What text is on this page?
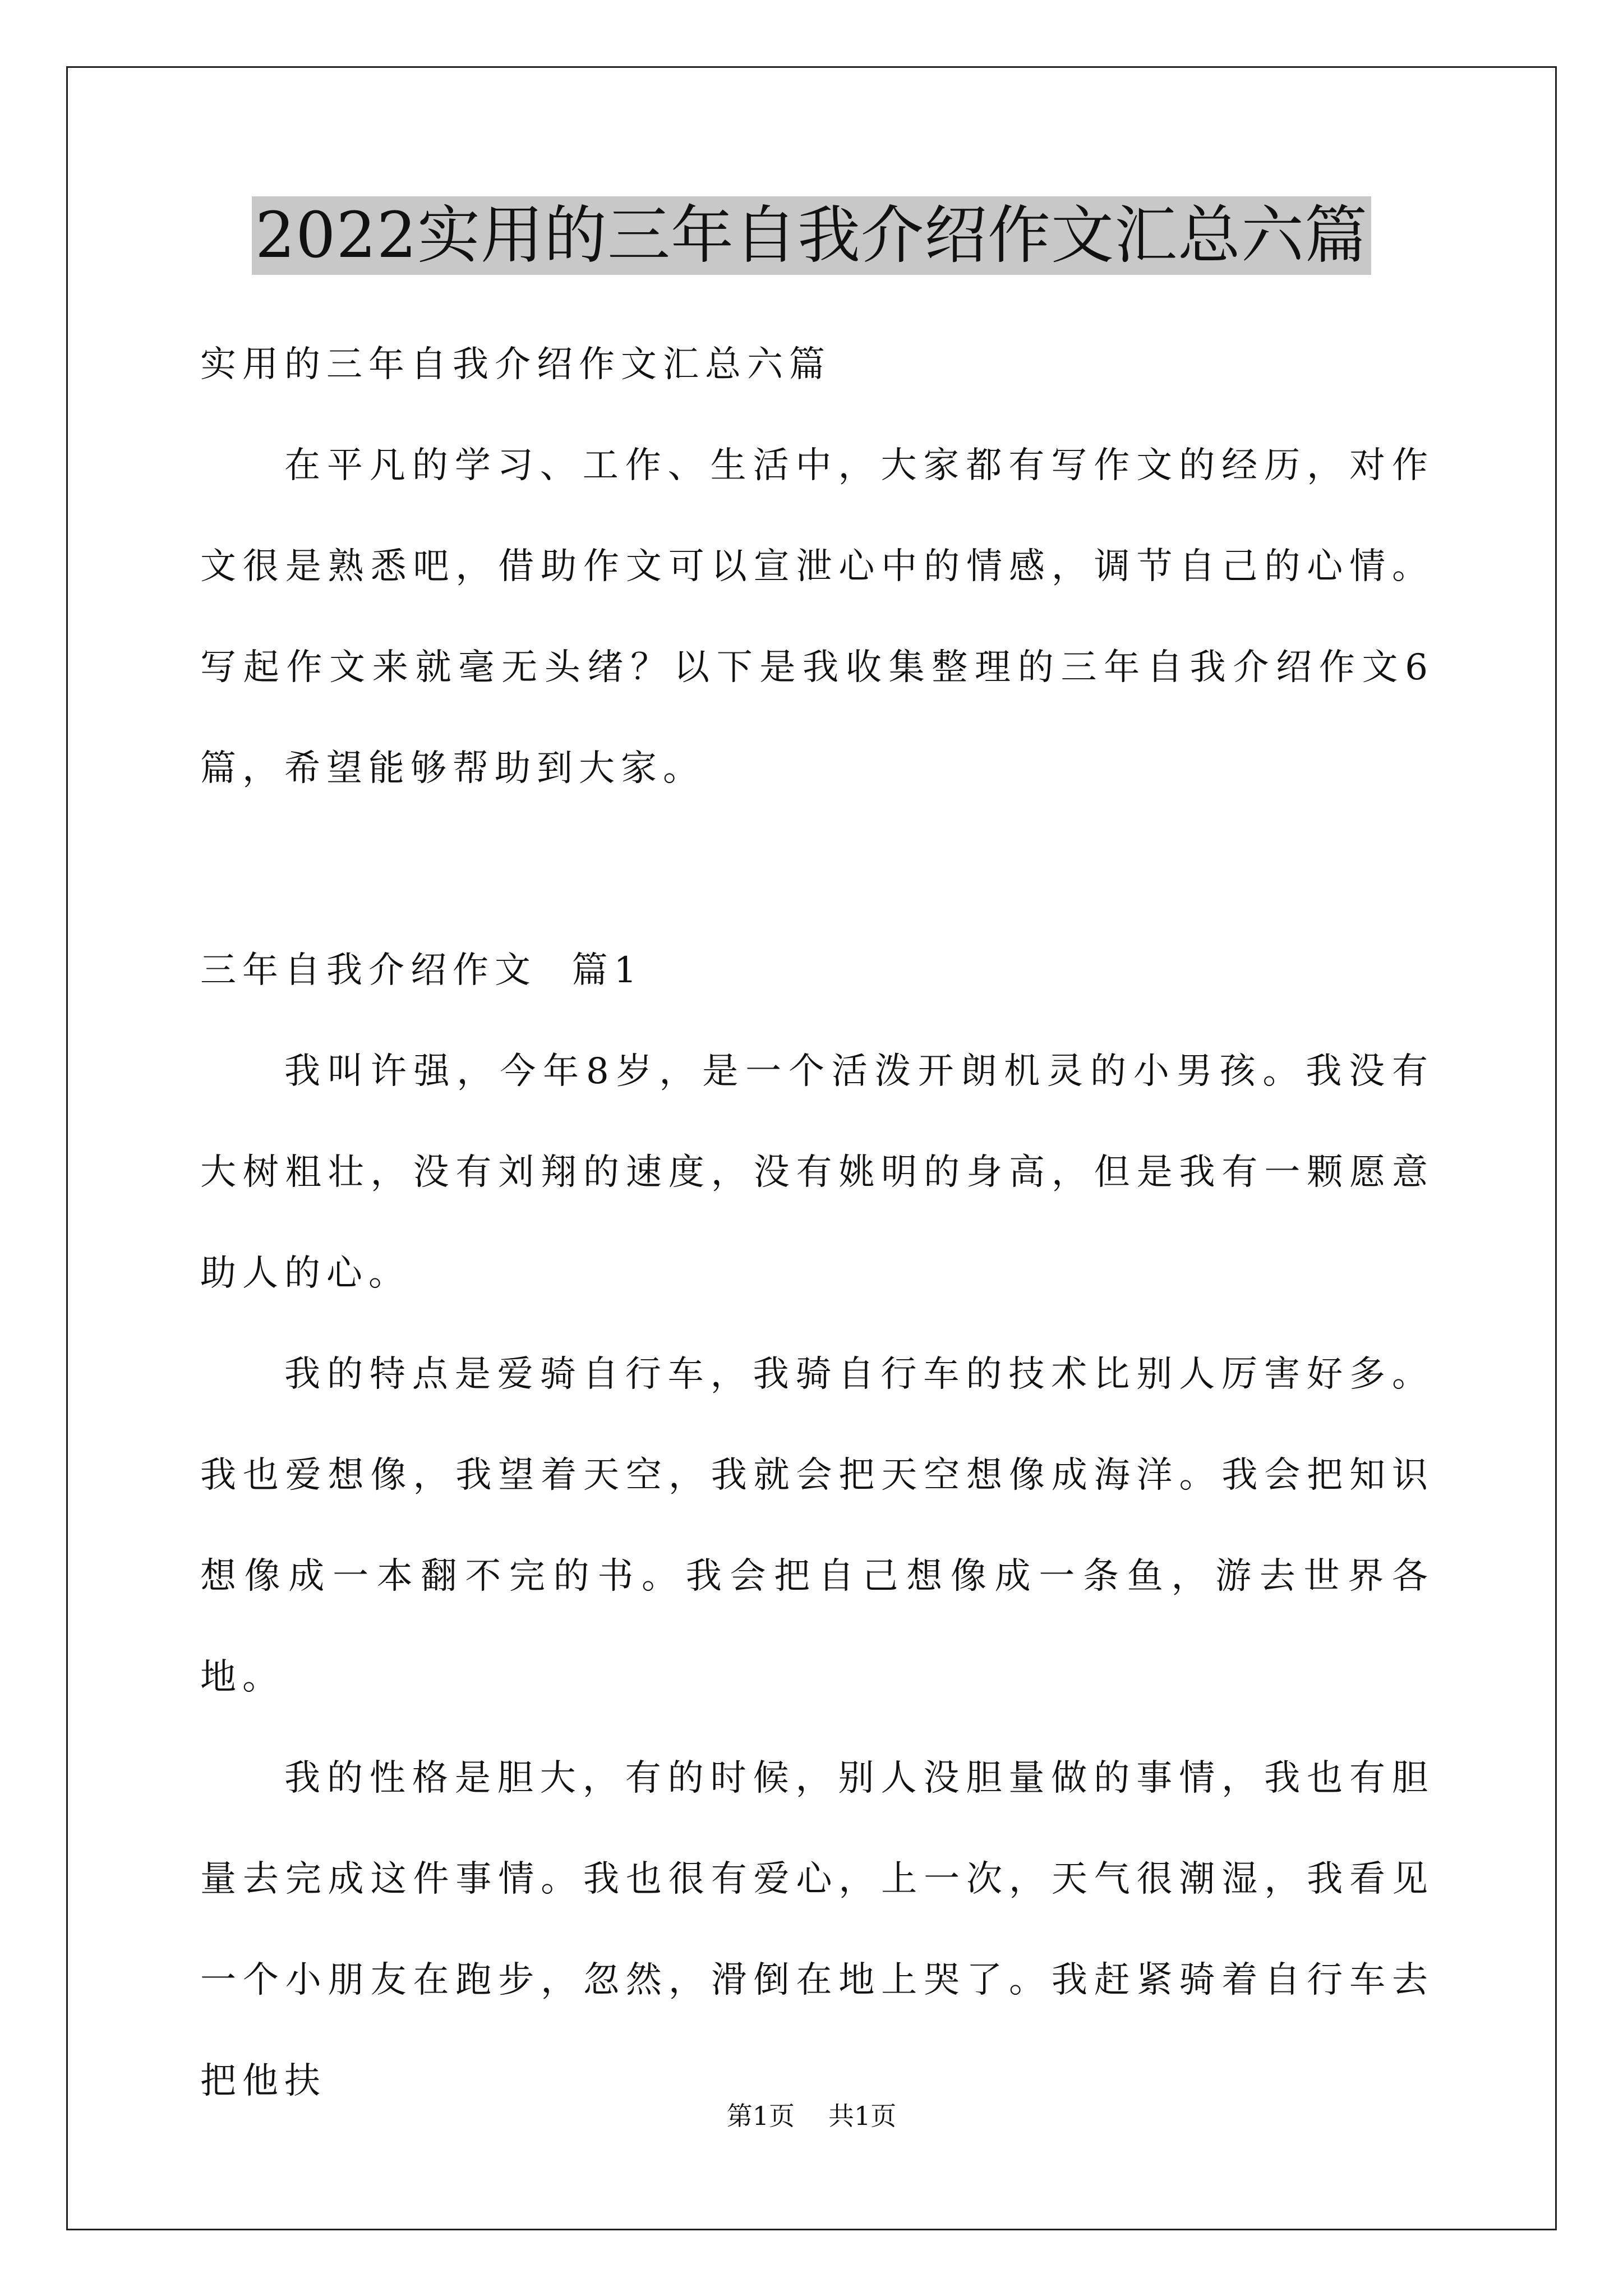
2022实用的三年自我介绍作文汇总六篇

实用的三年自我介绍作文汇总六篇

在平凡的学习、工作、生活中，大家都有写作文的经历，对作文很是熟悉吧，借助作文可以宣泄心中的情感，调节自己的心情。写起作文来就毫无头绪？以下是我收集整理的三年自我介绍作文6篇，希望能够帮助到大家。

三年自我介绍作文  篇1

我叫许强，今年8岁，是一个活泼开朗机灵的小男孩。我没有大树粗壮，没有刘翔的速度，没有姚明的身高，但是我有一颗愿意助人的心。

我的特点是爱骑自行车，我骑自行车的技术比别人厉害好多。我也爱想像，我望着天空，我就会把天空想像成海洋。我会把知识想像成一本翻不完的书。我会把自己想像成一条鱼，游去世界各地。

我的性格是胆大，有的时候，别人没胆量做的事情，我也有胆量去完成这件事情。我也很有爱心，上一次，天气很潮湿，我看见一个小朋友在跑步，忽然，滑倒在地上哭了。我赶紧骑着自行车去把他扶

第1页 共1页
